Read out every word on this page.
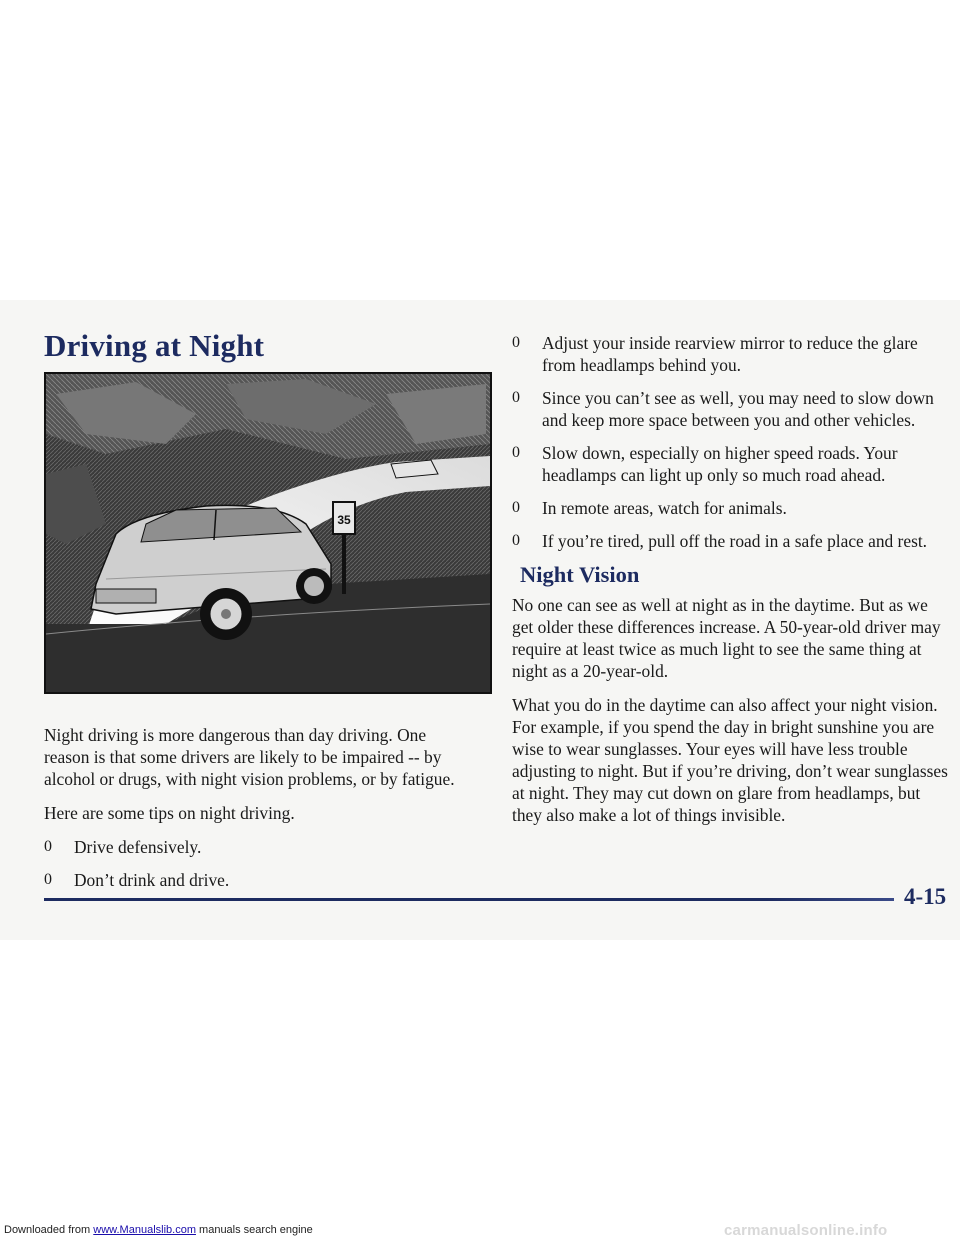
Driving at Night
35

Night driving is more dangerous than day driving. One reason is that some drivers are likely to be impaired -- by alcohol or drugs, with night vision problems, or by fatigue.

Here are some tips on night driving.

0 Drive defensively.
0 Don’t drink and drive.
0 Adjust your inside rearview mirror to reduce the glare from headlamps behind you.
0 Since you can’t see as well, you may need to slow down and keep more space between you and other vehicles.
0 Slow down, especially on higher speed roads. Your headlamps can light up only so much road ahead.
0 In remote areas, watch for animals.
0 If you’re tired, pull off the road in a safe place and rest.
Night Vision

No one can see as well at night as in the daytime. But as we get older these differences increase. A 50-year-old driver may require at least twice as much light to see the same thing at night as a 20-year-old.

What you do in the daytime can also affect your night vision. For example, if you spend the day in bright sunshine you are wise to wear sunglasses. Your eyes will have less trouble adjusting to night. But if you’re driving, don’t wear sunglasses at night. They may cut down on glare from headlamps, but they also make a lot of things invisible.

4-15
Downloaded from www.Manualslib.com manuals search engine	carmanualsonline.info
